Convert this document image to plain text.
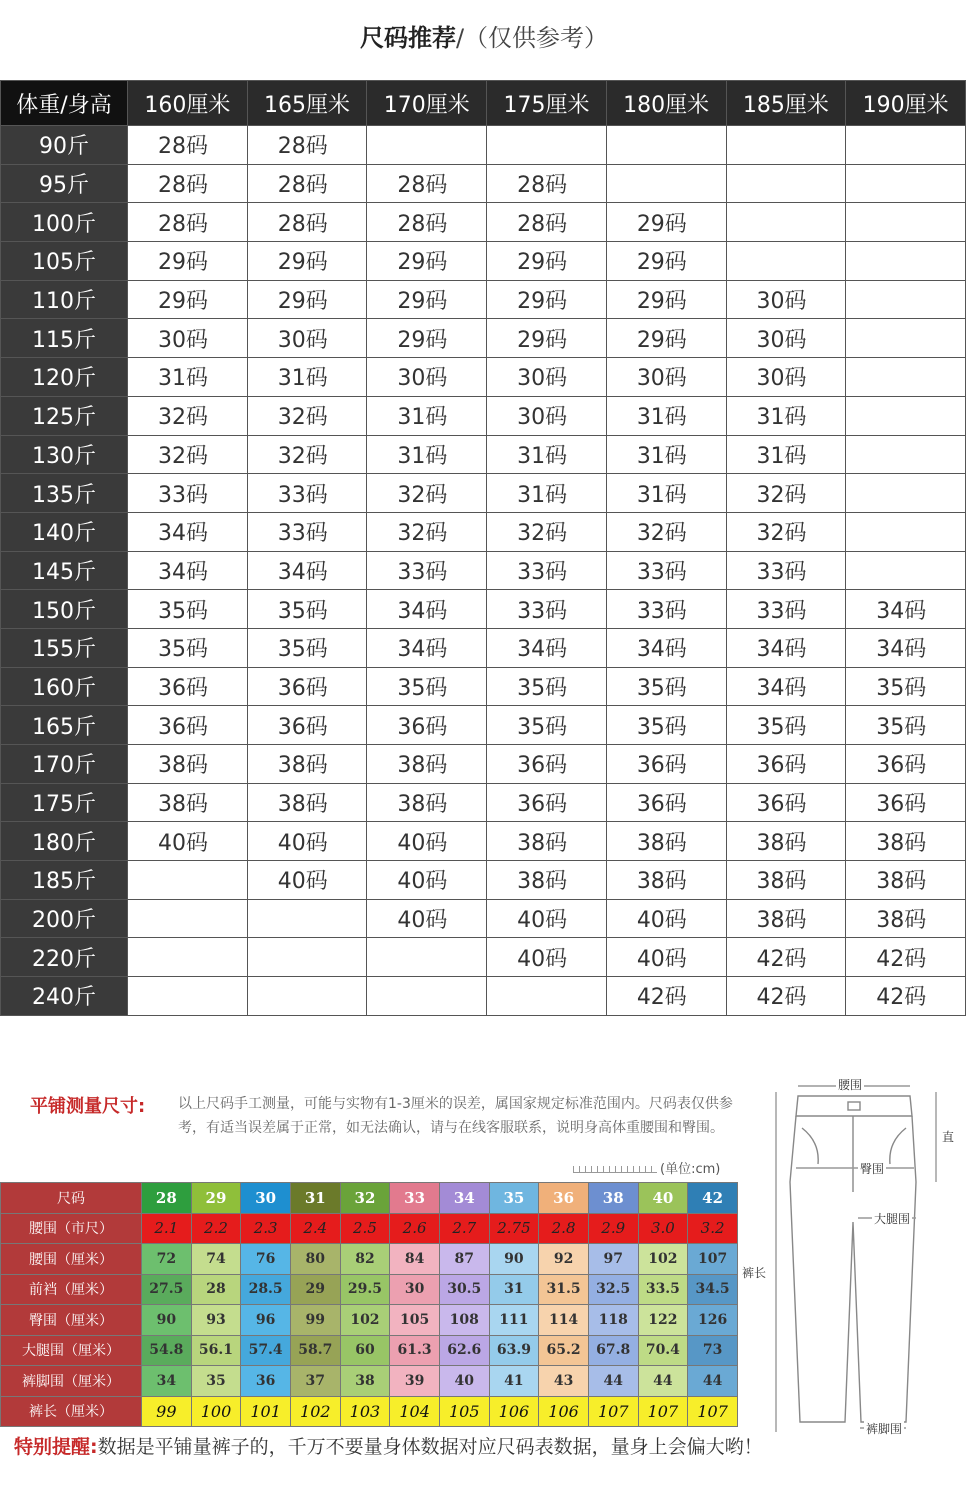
尺码推荐/（仅供参考）
体重/身高	160厘米	165厘米	170厘米	175厘米	180厘米	185厘米	190厘米
90斤	28码	28码					
95斤	28码	28码	28码	28码			
100斤	28码	28码	28码	28码	29码		
105斤	29码	29码	29码	29码	29码		
110斤	29码	29码	29码	29码	29码	30码	
115斤	30码	30码	29码	29码	29码	30码	
120斤	31码	31码	30码	30码	30码	30码	
125斤	32码	32码	31码	30码	31码	31码	
130斤	32码	32码	31码	31码	31码	31码	
135斤	33码	33码	32码	31码	31码	32码	
140斤	34码	33码	32码	32码	32码	32码	
145斤	34码	34码	33码	33码	33码	33码	
150斤	35码	35码	34码	33码	33码	33码	34码
155斤	35码	35码	34码	34码	34码	34码	34码
160斤	36码	36码	35码	35码	35码	34码	35码
165斤	36码	36码	36码	35码	35码	35码	35码
170斤	38码	38码	38码	36码	36码	36码	36码
175斤	38码	38码	38码	36码	36码	36码	36码
180斤	40码	40码	40码	38码	38码	38码	38码
185斤		40码	40码	38码	38码	38码	38码
200斤			40码	40码	40码	38码	38码
220斤				40码	40码	42码	42码
240斤					42码	42码	42码
平铺测量尺寸: 以上尺码手工测量，可能与实物有1-3厘米的误差，属国家规定标准范围内。尺码表仅供参考，有适当误差属于正常，如无法确认，请与在线客服联系，说明身高体重腰围和臀围。
(单位:cm)
尺码	28	29	30	31	32	33	34	35	36	38	40	42
腰围（市尺）	2.1	2.2	2.3	2.4	2.5	2.6	2.7	2.75	2.8	2.9	3.0	3.2
腰围（厘米）	72	74	76	80	82	84	87	90	92	97	102	107
前裆（厘米）	27.5	28	28.5	29	29.5	30	30.5	31	31.5	32.5	33.5	34.5
臀围（厘米）	90	93	96	99	102	105	108	111	114	118	122	126
大腿围（厘米）	54.8	56.1	57.4	58.7	60	61.3	62.6	63.9	65.2	67.8	70.4	73
裤脚围（厘米）	34	35	36	37	38	39	40	41	43	44	44	44
裤长（厘米）	99	100	101	102	103	104	105	106	106	107	107	107
腰围
直
臀围
大腿围
裤长
裤脚围
特别提醒:数据是平铺量裤子的，千万不要量身体数据对应尺码表数据，量身上会偏大哟！
